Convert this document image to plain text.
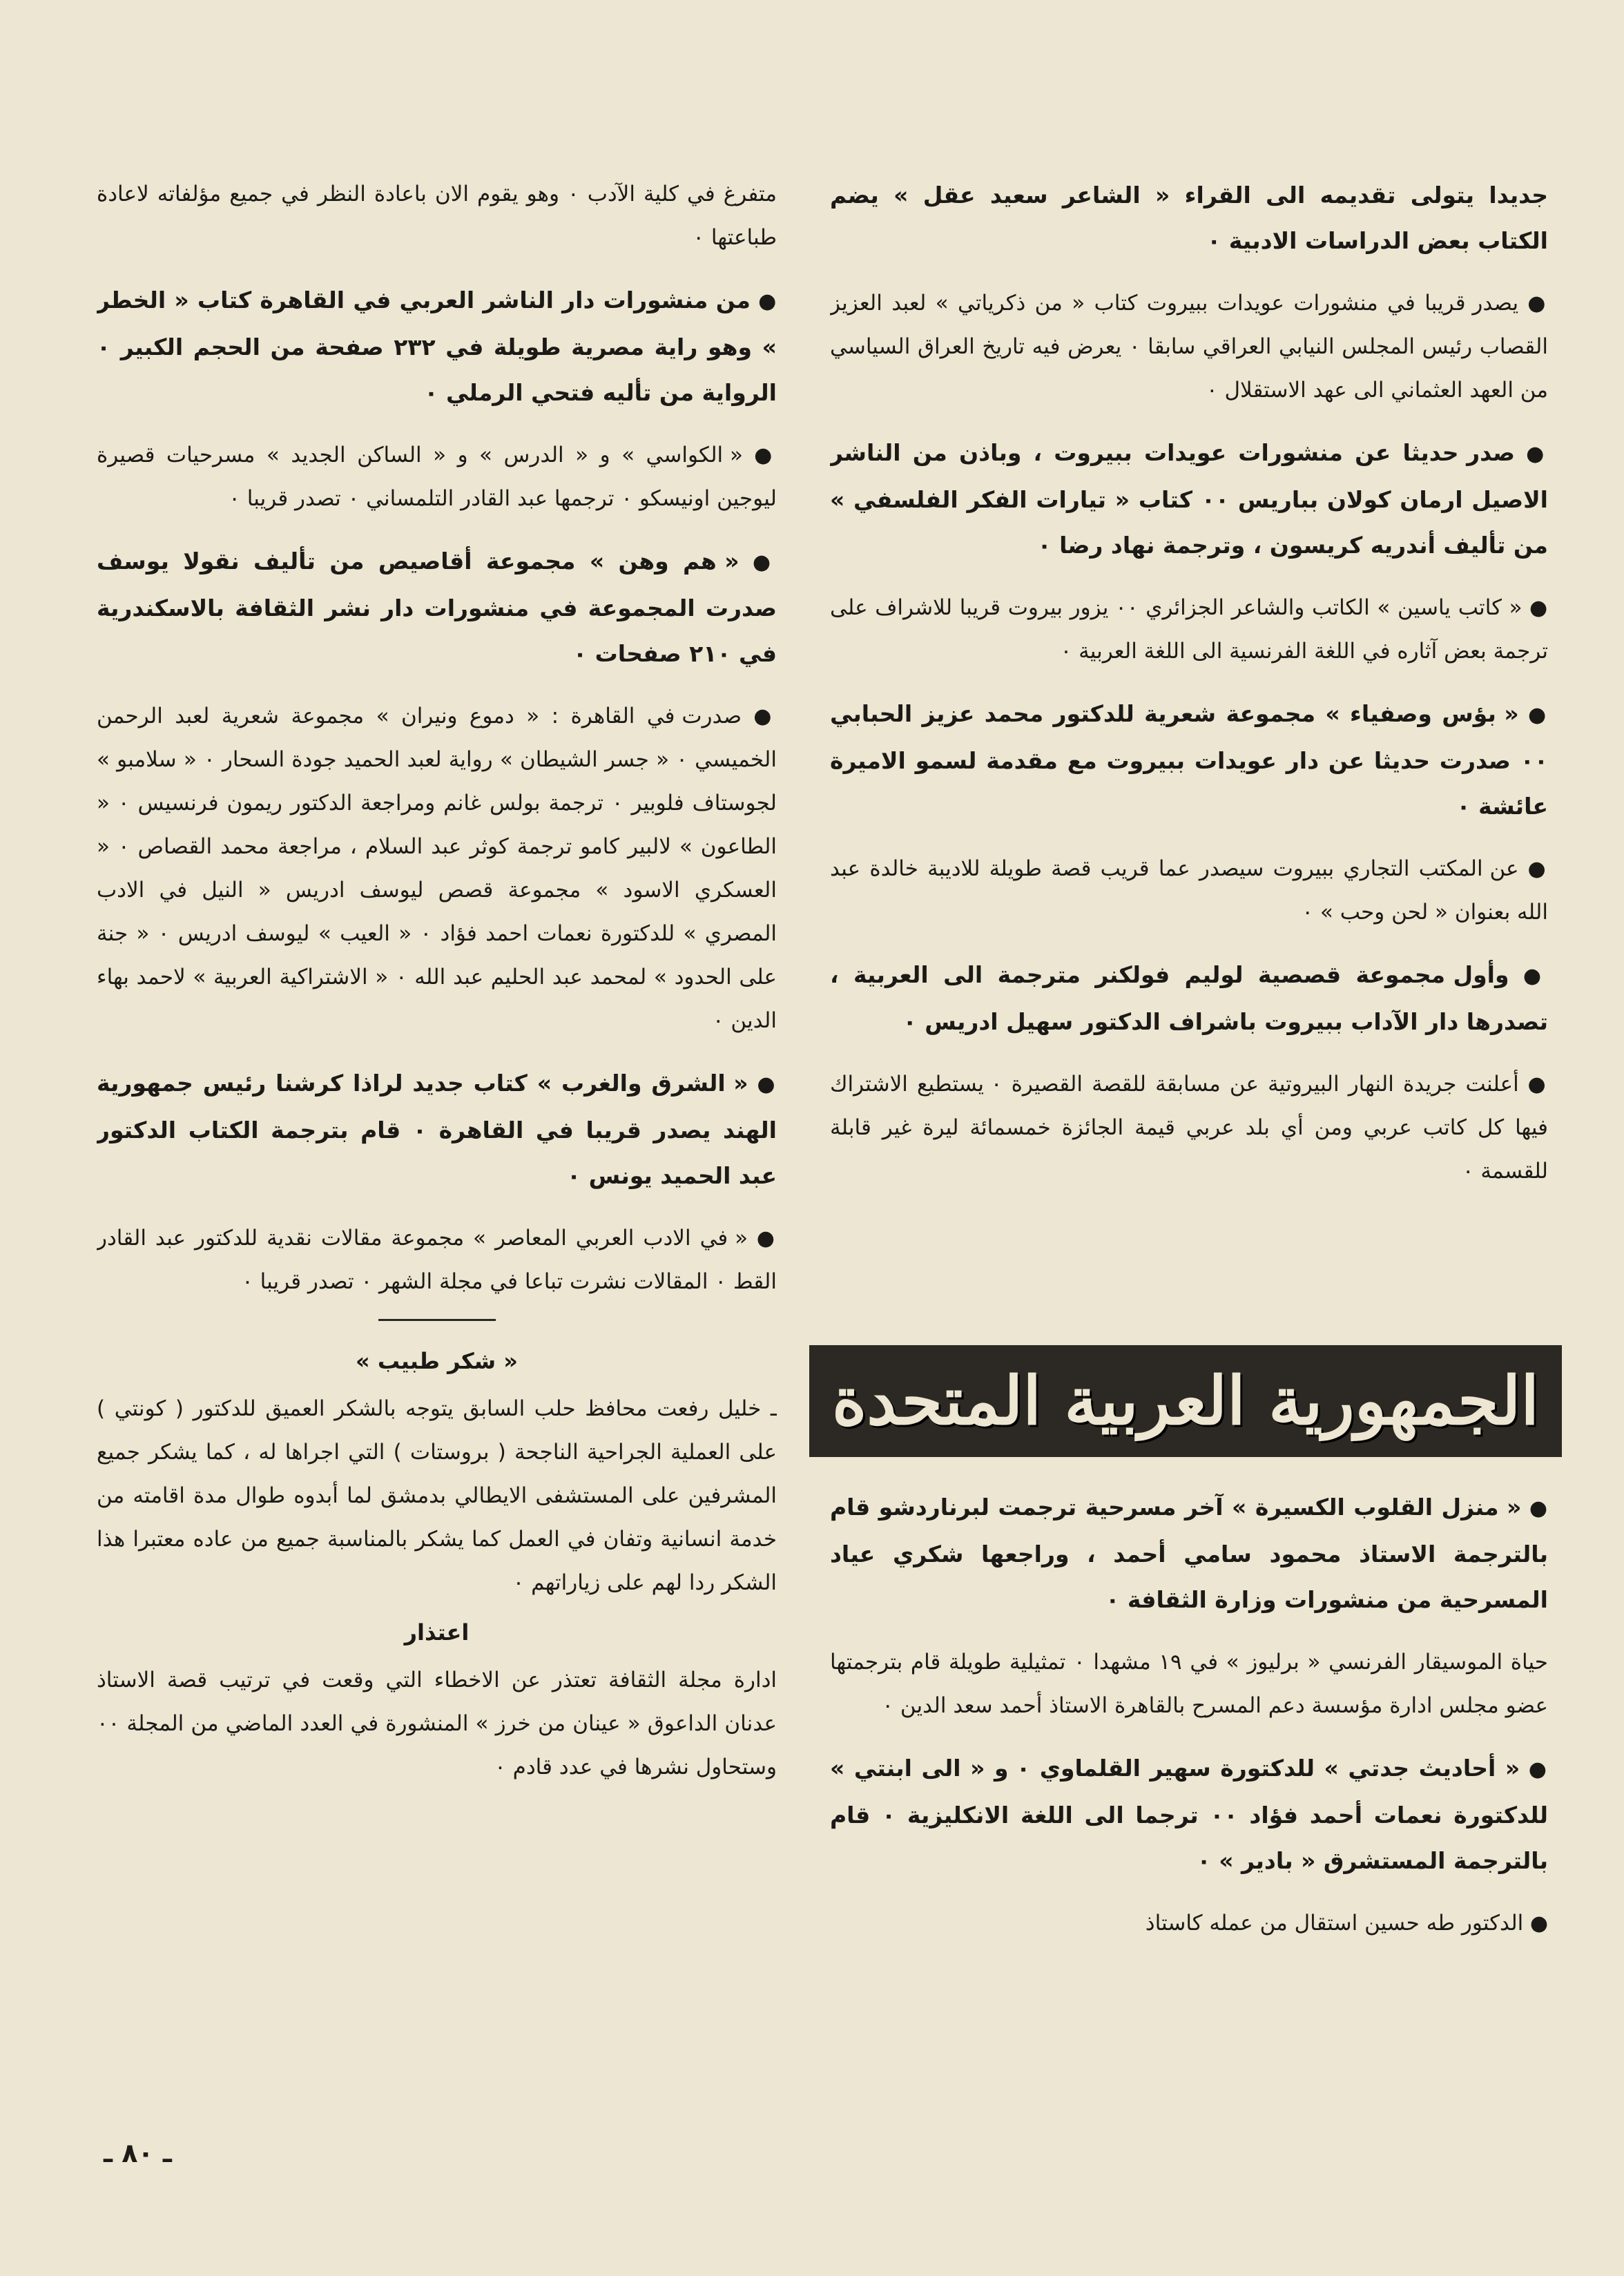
جديدا يتولى تقديمه الى القراء « الشاعر سعيد عقل » يضم الكتاب بعض الدراسات الادبية ٠
● يصدر قريبا في منشورات عويدات ببيروت كتاب « من ذكرياتي » لعبد العزيز القصاب رئيس المجلس النيابي العراقي سابقا ٠ يعرض فيه تاريخ العراق السياسي من العهد العثماني الى عهد الاستقلال ٠
● صدر حديثا عن منشورات عويدات ببيروت ، وباذن من الناشر الاصيل ارمان كولان بباريس ٠٠ كتاب « تيارات الفكر الفلسفي » من تأليف أندريه كريسون ، وترجمة نهاد رضا ٠
● « كاتب ياسين » الكاتب والشاعر الجزائري ٠٠ يزور بيروت قريبا للاشراف على ترجمة بعض آثاره في اللغة الفرنسية الى اللغة العربية ٠
● « بؤس وصفياء » مجموعة شعرية للدكتور محمد عزيز الحبابي ٠٠ صدرت حديثا عن دار عويدات ببيروت مع مقدمة لسمو الاميرة عائشة ٠
● عن المكتب التجاري ببيروت سيصدر عما قريب قصة طويلة للاديبة خالدة عبد الله بعنوان « لحن وحب » ٠
● وأول مجموعة قصصية لوليم فولكنر مترجمة الى العربية ، تصدرها دار الآداب ببيروت باشراف الدكتور سهيل ادريس ٠
● أعلنت جريدة النهار البيروتية عن مسابقة للقصة القصيرة ٠ يستطيع الاشتراك فيها كل كاتب عربي ومن أي بلد عربي قيمة الجائزة خمسمائة ليرة غير قابلة للقسمة ٠
الجمهورية العربية المتحدة
● « منزل القلوب الكسيرة » آخر مسرحية ترجمت لبرناردشو قام بالترجمة الاستاذ محمود سامي أحمد ، وراجعها شكري عياد المسرحية من منشورات وزارة الثقافة ٠
حياة الموسيقار الفرنسي « برليوز » في ١٩ مشهدا ٠ تمثيلية طويلة قام بترجمتها عضو مجلس ادارة مؤسسة دعم المسرح بالقاهرة الاستاذ أحمد سعد الدين ٠
● « أحاديث جدتي » للدكتورة سهير القلماوي ٠ و « الى ابنتي » للدكتورة نعمات أحمد فؤاد ٠٠ ترجما الى اللغة الانكليزية ٠ قام بالترجمة المستشرق « بادير » ٠
● الدكتور طه حسين استقال من عمله كاستاذ
متفرغ في كلية الآدب ٠ وهو يقوم الان باعادة النظر في جميع مؤلفاته لاعادة طباعتها ٠
● من منشورات دار الناشر العربي في القاهرة كتاب « الخطر » وهو راية مصرية طويلة في ٢٣٢ صفحة من الحجم الكبير ٠ الرواية من تأليه فتحي الرملي ٠
● « الكواسي » و « الدرس » و « الساكن الجديد » مسرحيات قصيرة ليوجين اونيسكو ٠ ترجمها عبد القادر التلمساني ٠ تصدر قريبا ٠
● « هم وهن » مجموعة أقاصيص من تأليف نقولا يوسف صدرت المجموعة في منشورات دار نشر الثقافة بالاسكندرية في ٢١٠ صفحات ٠
● صدرت في القاهرة : « دموع ونيران » مجموعة شعرية لعبد الرحمن الخميسي ٠ « جسر الشيطان » رواية لعبد الحميد جودة السحار ٠ « سلامبو » لجوستاف فلوبير ٠ ترجمة بولس غانم ومراجعة الدكتور ريمون فرنسيس ٠ « الطاعون » لالبير كامو ترجمة كوثر عبد السلام ، مراجعة محمد القصاص ٠ « العسكري الاسود » مجموعة قصص ليوسف ادريس « النيل في الادب المصري » للدكتورة نعمات احمد فؤاد ٠ « العيب » ليوسف ادريس ٠ « جنة على الحدود » لمحمد عبد الحليم عبد الله ٠ « الاشتراكية العربية » لاحمد بهاء الدين ٠
● « الشرق والغرب » كتاب جديد لراذا كرشنا رئيس جمهورية الهند يصدر قريبا في القاهرة ٠ قام بترجمة الكتاب الدكتور عبد الحميد يونس ٠
● « في الادب العربي المعاصر » مجموعة مقالات نقدية للدكتور عبد القادر القط ٠ المقالات نشرت تباعا في مجلة الشهر ٠ تصدر قريبا ٠
« شكر طبيب »
ـ خليل رفعت محافظ حلب السابق يتوجه بالشكر العميق للدكتور ( كونتي ) على العملية الجراحية الناجحة ( بروستات ) التي اجراها له ، كما يشكر جميع المشرفين على المستشفى الايطالي بدمشق لما أبدوه طوال مدة اقامته من خدمة انسانية وتفان في العمل كما يشكر بالمناسبة جميع من عاده معتبرا هذا الشكر ردا لهم على زياراتهم ٠
اعتذار
ادارة مجلة الثقافة تعتذر عن الاخطاء التي وقعت في ترتيب قصة الاستاذ عدنان الداعوق « عينان من خرز » المنشورة في العدد الماضي من المجلة ٠٠ وستحاول نشرها في عدد قادم ٠
ـ ٨٠ ـ
